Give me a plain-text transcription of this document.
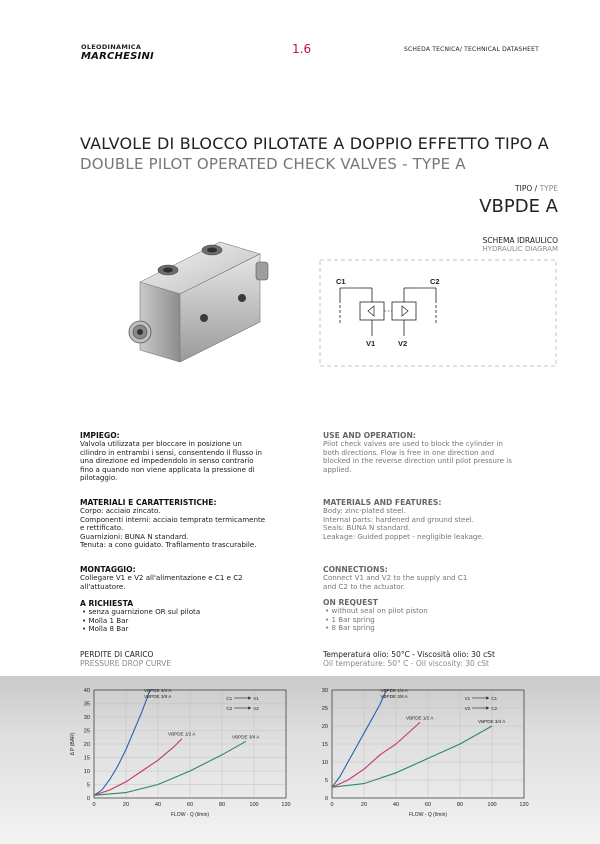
OLEODINAMICA
MARCHESINI
1.6	SCHEDA TECNICA/ TECHNICAL DATASHEET
VALVOLE DI BLOCCO PILOTATE A DOPPIO EFFETTO TIPO A
DOUBLE PILOT OPERATED CHECK VALVES - TYPE A
TIPO / TYPE
VBPDE A
SCHEMA IDRAULICO
HYDRAULIC DIAGRAM
C1	C2
V1	V2
IMPIEGO:
Valvola utilizzata per bloccare in posizione un
cilindro in entrambi i sensi, consentendo il flusso in
una direzione ed impedendolo in senso contrario
fino a quando non viene applicata la pressione di
pilotaggio.
MATERIALI E CARATTERISTICHE:
Corpo: acciaio zincato.
Componenti interni: acciaio temprato termicamente
e rettificato.
Guarnizioni: BUNA N standard.
Tenuta: a cono guidato. Trafilamento trascurabile.
MONTAGGIO:
Collegare V1 e V2 all'alimentazione e C1 e C2
all'attuatore.
A RICHIESTA
• senza guarnizione OR sul pilota
• Molla 1 Bar
• Molla 8 Bar
USE AND OPERATION:
Pilot check valves are used to block the cylinder in
both directions. Flow is free in one direction and
blocked in the reverse direction until pilot pressure is
applied.
MATERIALS AND FEATURES:
Body: zinc-plated steel.
Internal parts: hardened and ground steel.
Seals: BUNA N standard.
Leakage: Guided poppet - negligible leakage.
CONNECTIONS:
Connect V1 and V2 to the supply and C1
and C2 to the actuator.
ON REQUEST
• without seal on pilot piston
• 1 Bar spring
• 8 Bar spring
PERDITE DI CARICO
PRESSURE DROP CURVE
Temperatura olio: 50°C - Viscosità olio: 30 cSt
Oil temperature: 50° C - Oil viscosity: 30 cSt
0
5
10
15
20
25
30
35
40
0	20	40	60	80	100	120
FLOW - Q (l/min)
Δ P (BAR)
VBPDE 1/4 A
VBPDE 3/8 A
VBPDE 1/2 A
VBPDE 3/4 A
C1	V1
C2	V2
0
5
10
15
20
25
30
0	20	40	60	80	100	120
FLOW - Q (l/min)
VBPDE 1/4 A
VBPDE 3/8 A
VBPDE 1/2 A
VBPDE 3/4 A
V1	C1
V2	C2
